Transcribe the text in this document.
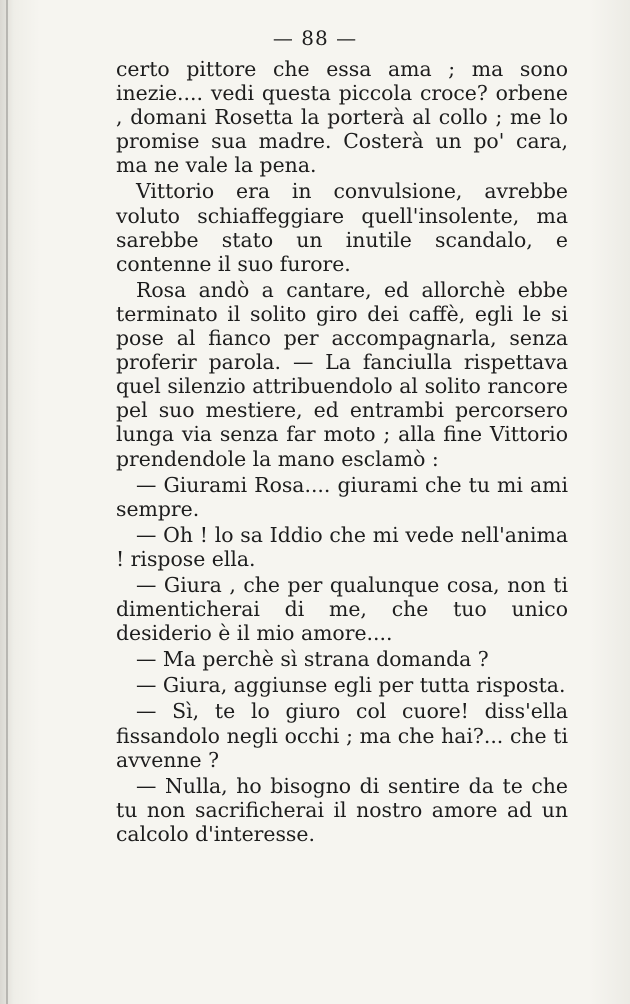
— 88 —

certo pittore che essa ama ; ma sono inezie.... vedi questa piccola croce? orbene , domani Rosetta la porterà al collo ; me lo promise sua madre. Costerà un po' cara, ma ne vale la pena.

Vittorio era in convulsione, avrebbe voluto schiaffeggiare quell'insolente, ma sarebbe stato un inutile scandalo, e contenne il suo furore.

Rosa andò a cantare, ed allorchè ebbe terminato il solito giro dei caffè, egli le si pose al fianco per accompagnarla, senza proferir parola. — La fanciulla rispettava quel silenzio attribuendolo al solito rancore pel suo mestiere, ed entrambi percorsero lunga via senza far moto ; alla fine Vittorio prendendole la mano esclamò :

— Giurami Rosa.... giurami che tu mi ami sempre.

— Oh ! lo sa Iddio che mi vede nell'anima ! rispose ella.

— Giura , che per qualunque cosa, non ti dimenticherai di me, che tuo unico desiderio è il mio amore....

— Ma perchè sì strana domanda ?

— Giura, aggiunse egli per tutta risposta.

— Sì, te lo giuro col cuore! diss'ella fissandolo negli occhi ; ma che hai?... che ti avvenne ?

— Nulla, ho bisogno di sentire da te che tu non sacrificherai il nostro amore ad un calcolo d'interesse.
